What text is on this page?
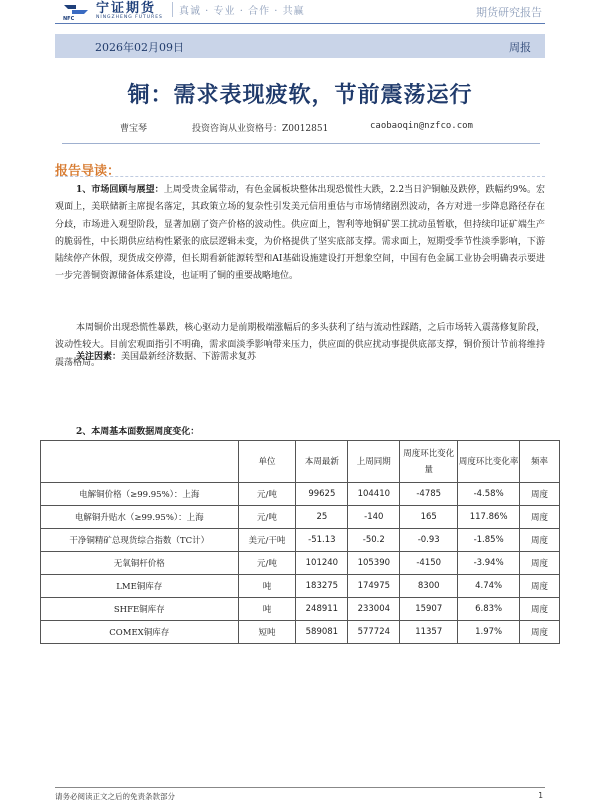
NFC
宁证期货
NINGZHENG FUTURES
真诚 · 专业 · 合作 · 共赢	期货研究报告
2026年02月09日	周报
铜：需求表现疲软，节前震荡运行
曹宝琴	投资咨询从业资格号：Z0012851	caobaoqin@nzfco.com
报告导读：

1、市场回顾与展望：上周受贵金属带动，有色金属板块整体出现恐慌性大跌，2.2当日沪铜触及跌停，跌幅约9%。宏观面上，美联储新主席提名落定，其政策立场的复杂性引发美元信用重估与市场情绪剧烈波动，各方对进一步降息路径存在分歧，市场进入观望阶段，显著加剧了资产价格的波动性。供应面上，智利等地铜矿罢工扰动虽暂歇，但持续印证矿端生产的脆弱性，中长期供应结构性紧张的底层逻辑未变，为价格提供了坚实底部支撑。需求面上，短期受季节性淡季影响，下游陆续停产休假，现货成交停滞，但长期看新能源转型和AI基础设施建设打开想象空间，中国有色金属工业协会明确表示要进一步完善铜资源储备体系建设，也证明了铜的重要战略地位。

本周铜价出现恐慌性暴跌，核心驱动力是前期极端涨幅后的多头获利了结与流动性踩踏，之后市场转入震荡修复阶段，波动性较大。目前宏观面指引不明确，需求面淡季影响带来压力，供应面的供应扰动事提供底部支撑，铜价预计节前将维持震荡格局。

关注因素：美国最新经济数据、下游需求复苏

2、本周基本面数据周度变化：
	单位	本周最新	上周同期	周度环比变化量	周度环比变化率	频率
电解铜价格（≥99.95%）：上海	元/吨	99625	104410	-4785	-4.58%	周度
电解铜升贴水（≥99.95%）：上海	元/吨	25	-140	165	117.86%	周度
干净铜精矿总现货综合指数（TC计）	美元/干吨	-51.13	-50.2	-0.93	-1.85%	周度
无氧铜杆价格	元/吨	101240	105390	-4150	-3.94%	周度
LME铜库存	吨	183275	174975	8300	4.74%	周度
SHFE铜库存	吨	248911	233004	15907	6.83%	周度
COMEX铜库存	短吨	589081	577724	11357	1.97%	周度
请务必阅读正文之后的免责条款部分	1
